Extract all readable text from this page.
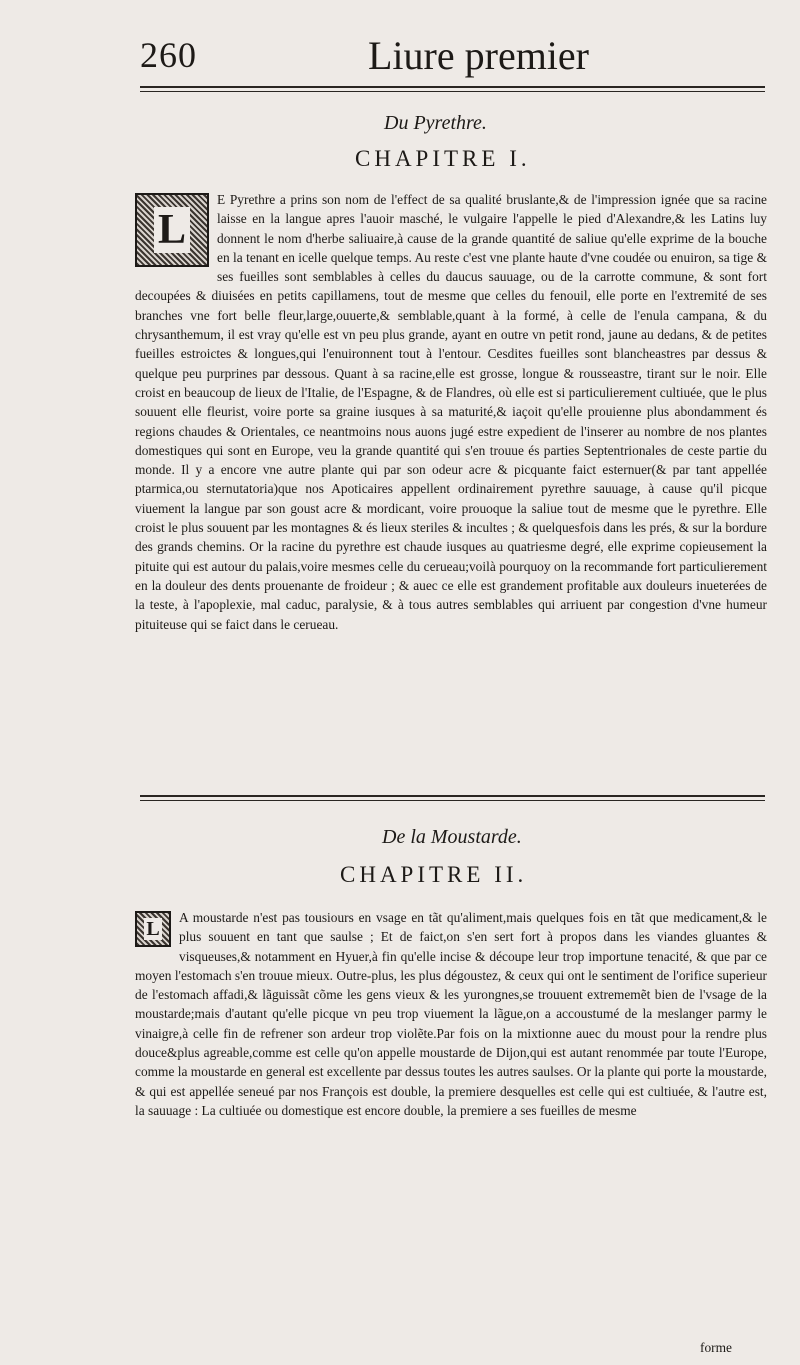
260	Liure premier
Du Pyrethre.
CHAPITRE I.

L
E Pyrethre a prins son nom de l'effect de sa qualité bruslante,& de l'impression ignée que sa racine laisse en la langue apres l'auoir masché, le vulgaire l'appelle le pied d'Alexandre,& les Latins luy donnent le nom d'herbe saliuaire,à cause de la grande quantité de saliue qu'elle exprime de la bouche en la tenant en icelle quelque temps. Au reste c'est vne plante haute d'vne coudée ou enuiron, sa tige & ses fueilles sont semblables à celles du daucus sauuage, ou de la carrotte commune, & sont fort decoupées & diuisées en petits capillamens, tout de mesme que celles du fenouil, elle porte en l'extremité de ses branches vne fort belle fleur,large,ouuerte,& semblable,quant à la formé, à celle de l'enula campana, & du chrysanthemum, il est vray qu'elle est vn peu plus grande, ayant en outre vn petit rond, jaune au dedans, & de petites fueilles estroictes & longues,qui l'enuironnent tout à l'entour. Cesdites fueilles sont blancheastres par dessus & quelque peu purprines par dessous. Quant à sa racine,elle est grosse, longue & rousseastre, tirant sur le noir. Elle croist en beaucoup de lieux de l'Italie, de l'Espagne, & de Flandres, où elle est si particulierement cultiuée, que le plus souuent elle fleurist, voire porte sa graine iusques à sa maturité,& iaçoit qu'elle prouienne plus abondamment és regions chaudes & Orientales, ce neantmoins nous auons jugé estre expedient de l'inserer au nombre de nos plantes domestiques qui sont en Europe, veu la grande quantité qui s'en trouue és parties Septentrionales de ceste partie du monde. Il y a encore vne autre plante qui par son odeur acre & picquante faict esternuer(& par tant appellée ptarmica,ou sternutatoria)que nos Apoticaires appellent ordinairement pyrethre sauuage, à cause qu'il picque viuement la langue par son goust acre & mordicant, voire prouoque la saliue tout de mesme que le pyrethre. Elle croist le plus souuent par les montagnes & és lieux steriles & incultes ; & quelquesfois dans les prés, & sur la bordure des grands chemins. Or la racine du pyrethre est chaude iusques au quatriesme degré, elle exprime copieusement la pituite qui est autour du palais,voire mesmes celle du cerueau;voilà pourquoy on la recommande fort particulierement en la douleur des dents prouenante de froideur ; & auec ce elle est grandement profitable aux douleurs inueterées de la teste, à l'apoplexie, mal caduc, paralysie, & à tous autres semblables qui arriuent par congestion d'vne humeur pituiteuse qui se faict dans le cerueau.

De la Moustarde.
CHAPITRE II.

L
A moustarde n'est pas tousiours en vsage en tãt qu'aliment,mais quelques fois en tãt que medicament,& le plus souuent en tant que saulse ; Et de faict,on s'en sert fort à propos dans les viandes gluantes & visqueuses,& notamment en Hyuer,à fin qu'elle incise & découpe leur trop importune tenacité, & que par ce moyen l'estomach s'en trouue mieux. Outre-plus, les plus dégoustez, & ceux qui ont le sentiment de l'orifice superieur de l'estomach affadi,& lãguissãt cõme les gens vieux & les yurongnes,se trouuent extrememẽt bien de l'vsage de la moustarde;mais d'autant qu'elle picque vn peu trop viuement la lãgue,on a accoustumé de la meslanger parmy le vinaigre,à celle fin de refrener son ardeur trop violẽte.Par fois on la mixtionne auec du moust pour la rendre plus douce&plus agreable,comme est celle qu'on appelle moustarde de Dijon,qui est autant renommée par toute l'Europe, comme la moustarde en general est excellente par dessus toutes les autres saulses. Or la plante qui porte la moustarde, & qui est appellée seneué par nos François est double, la premiere desquelles est celle qui est cultiuée, & l'autre est, la sauuage : La cultiuée ou domestique est encore double, la premiere a ses fueilles de mesme

forme
